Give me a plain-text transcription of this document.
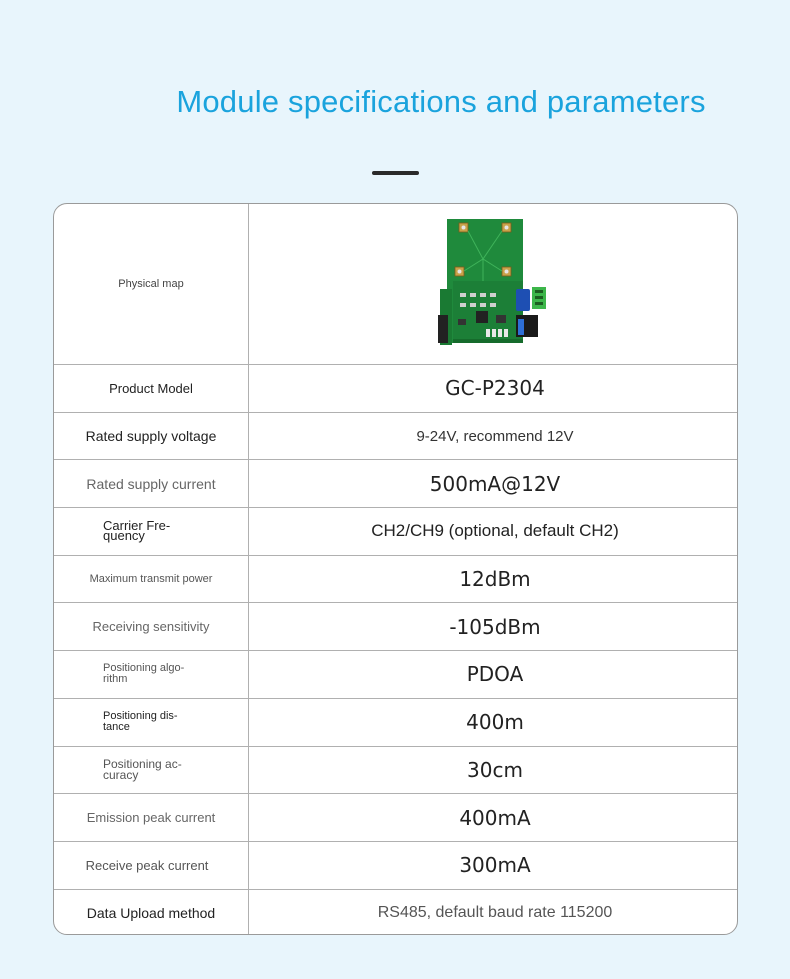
Module specifications and parameters
Physical map
Product Model	GC-P2304
Rated supply voltage	9-24V, recommend 12V
Rated supply current	500mA@12V
Carrier Fre-quency	CH2/CH9 (optional, default CH2)
Maximum transmit power	12dBm
Receiving sensitivity	-105dBm
Positioning algo-rithm	PDOA
Positioning dis-tance	400m
Positioning ac-curacy	30cm
Emission peak current	400mA
Receive peak current	300mA
Data Upload method	RS485, default baud rate 115200
